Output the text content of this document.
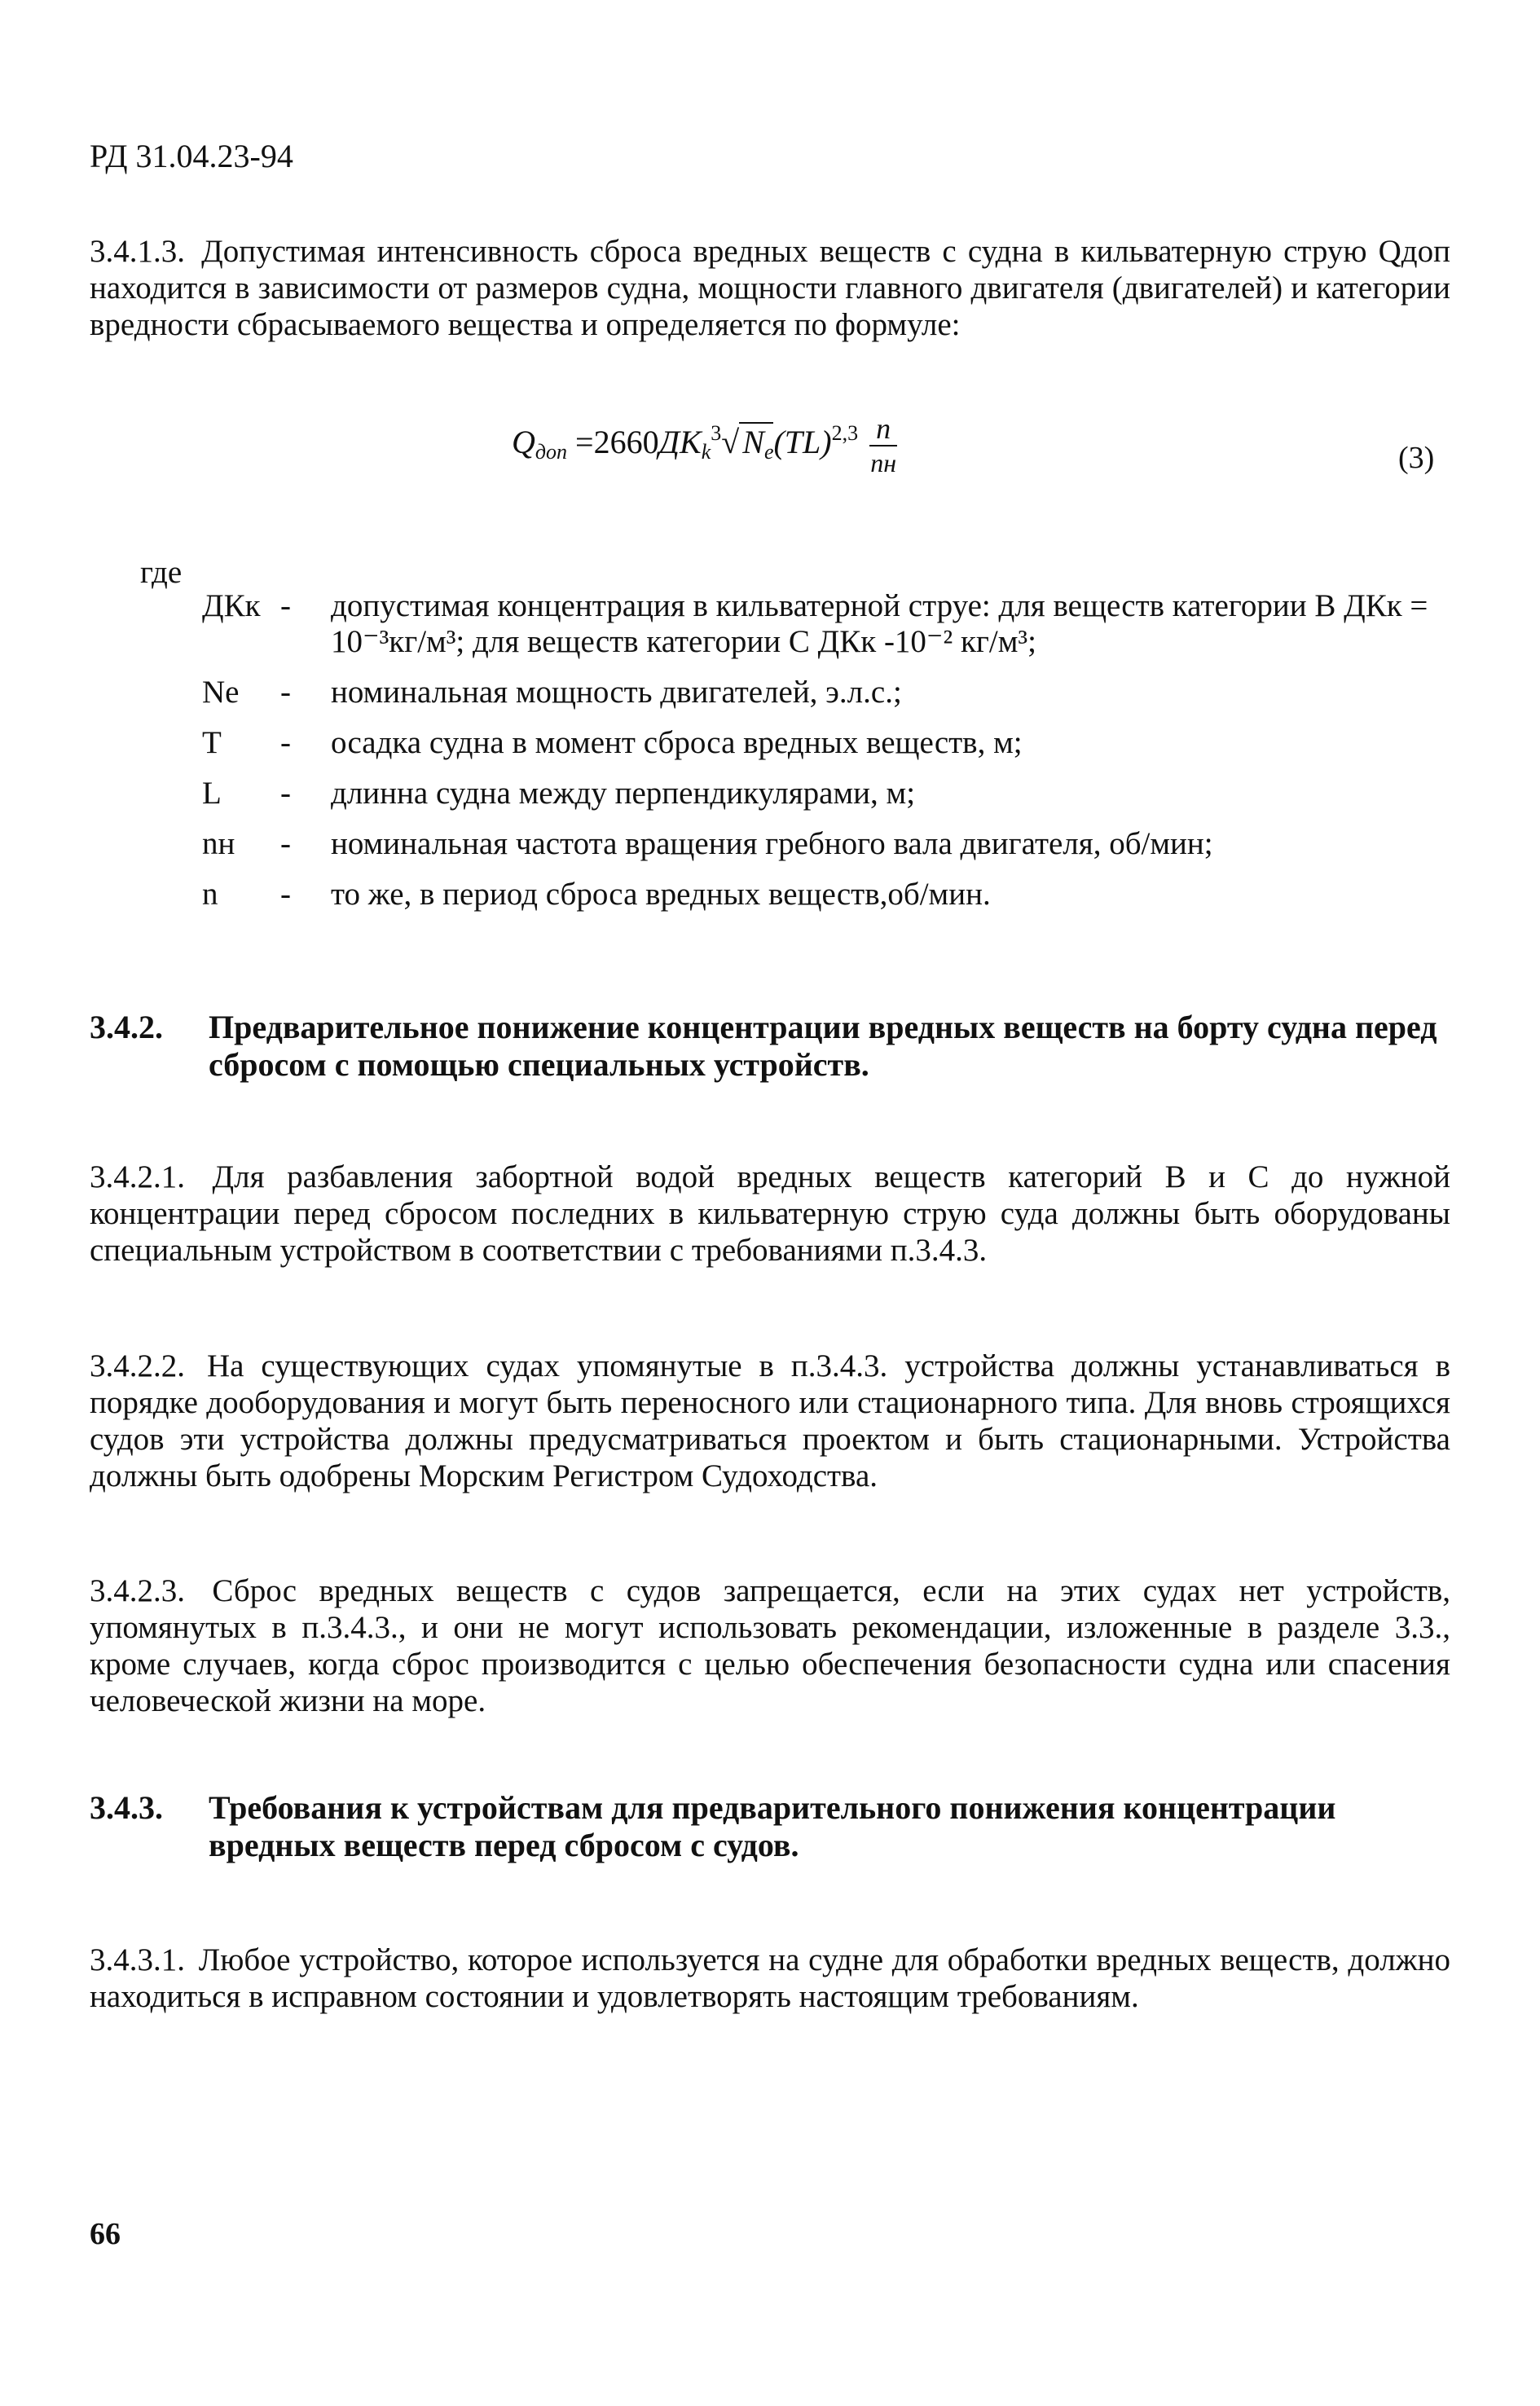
РД 31.04.23-94
3.4.1.3. Допустимая интенсивность сброса вредных веществ с судна в кильватерную струю Qдоп находится в зависимости от размеров судна, мощности главного двигателя (двигателей) и категории вредности сбрасываемого вещества и определяется по формуле:
$Q_{доп} =2660ДK_k^3√$ $N_e(TL)^{2,3} \frac{n}{nн}$	(3)
где
ДКк -	допустимая концентрация в кильватерной струе: для веществ категории В ДКк = 10⁻³кг/м³; для веществ категории С ДКк -10⁻² кг/м³;
Ne	-	номинальная мощность двигателей, э.л.с.;
T	-	осадка судна в момент сброса вредных веществ, м;
L	-	длинна судна между перпендикулярами, м;
nн	-	номинальная частота вращения гребного вала двигателя, об/мин;
n	-	то же, в период сброса вредных веществ,об/мин.
3.4.2.	Предварительное понижение концентрации вредных веществ на борту судна перед сбросом с помощью специальных устройств.
3.4.2.1. Для разбавления забортной водой вредных веществ категорий В и С до нужной концентрации перед сбросом последних в кильватерную струю суда должны быть оборудованы специальным устройством в соответствии с требованиями п.3.4.3.
3.4.2.2. На существующих судах упомянутые в п.3.4.3. устройства должны устанавливаться в порядке дооборудования и могут быть переносного или стационарного типа. Для вновь строящихся судов эти устройства должны предусматриваться проектом и быть стационарными. Устройства должны быть одобрены Морским Регистром Судоходства.
3.4.2.3. Сброс вредных веществ с судов запрещается, если на этих судах нет устройств, упомянутых в п.3.4.3., и они не могут использовать рекомендации, изложенные в разделе 3.3., кроме случаев, когда сброс производится с целью обеспечения безопасности судна или спасения человеческой жизни на море.
3.4.3.	Требования к устройствам для предварительного понижения концентрации вредных веществ перед сбросом с судов.
3.4.3.1. Любое устройство, которое используется на судне для обработки вредных веществ, должно находиться в исправном состоянии и удовлетворять настоящим требованиям.
66
